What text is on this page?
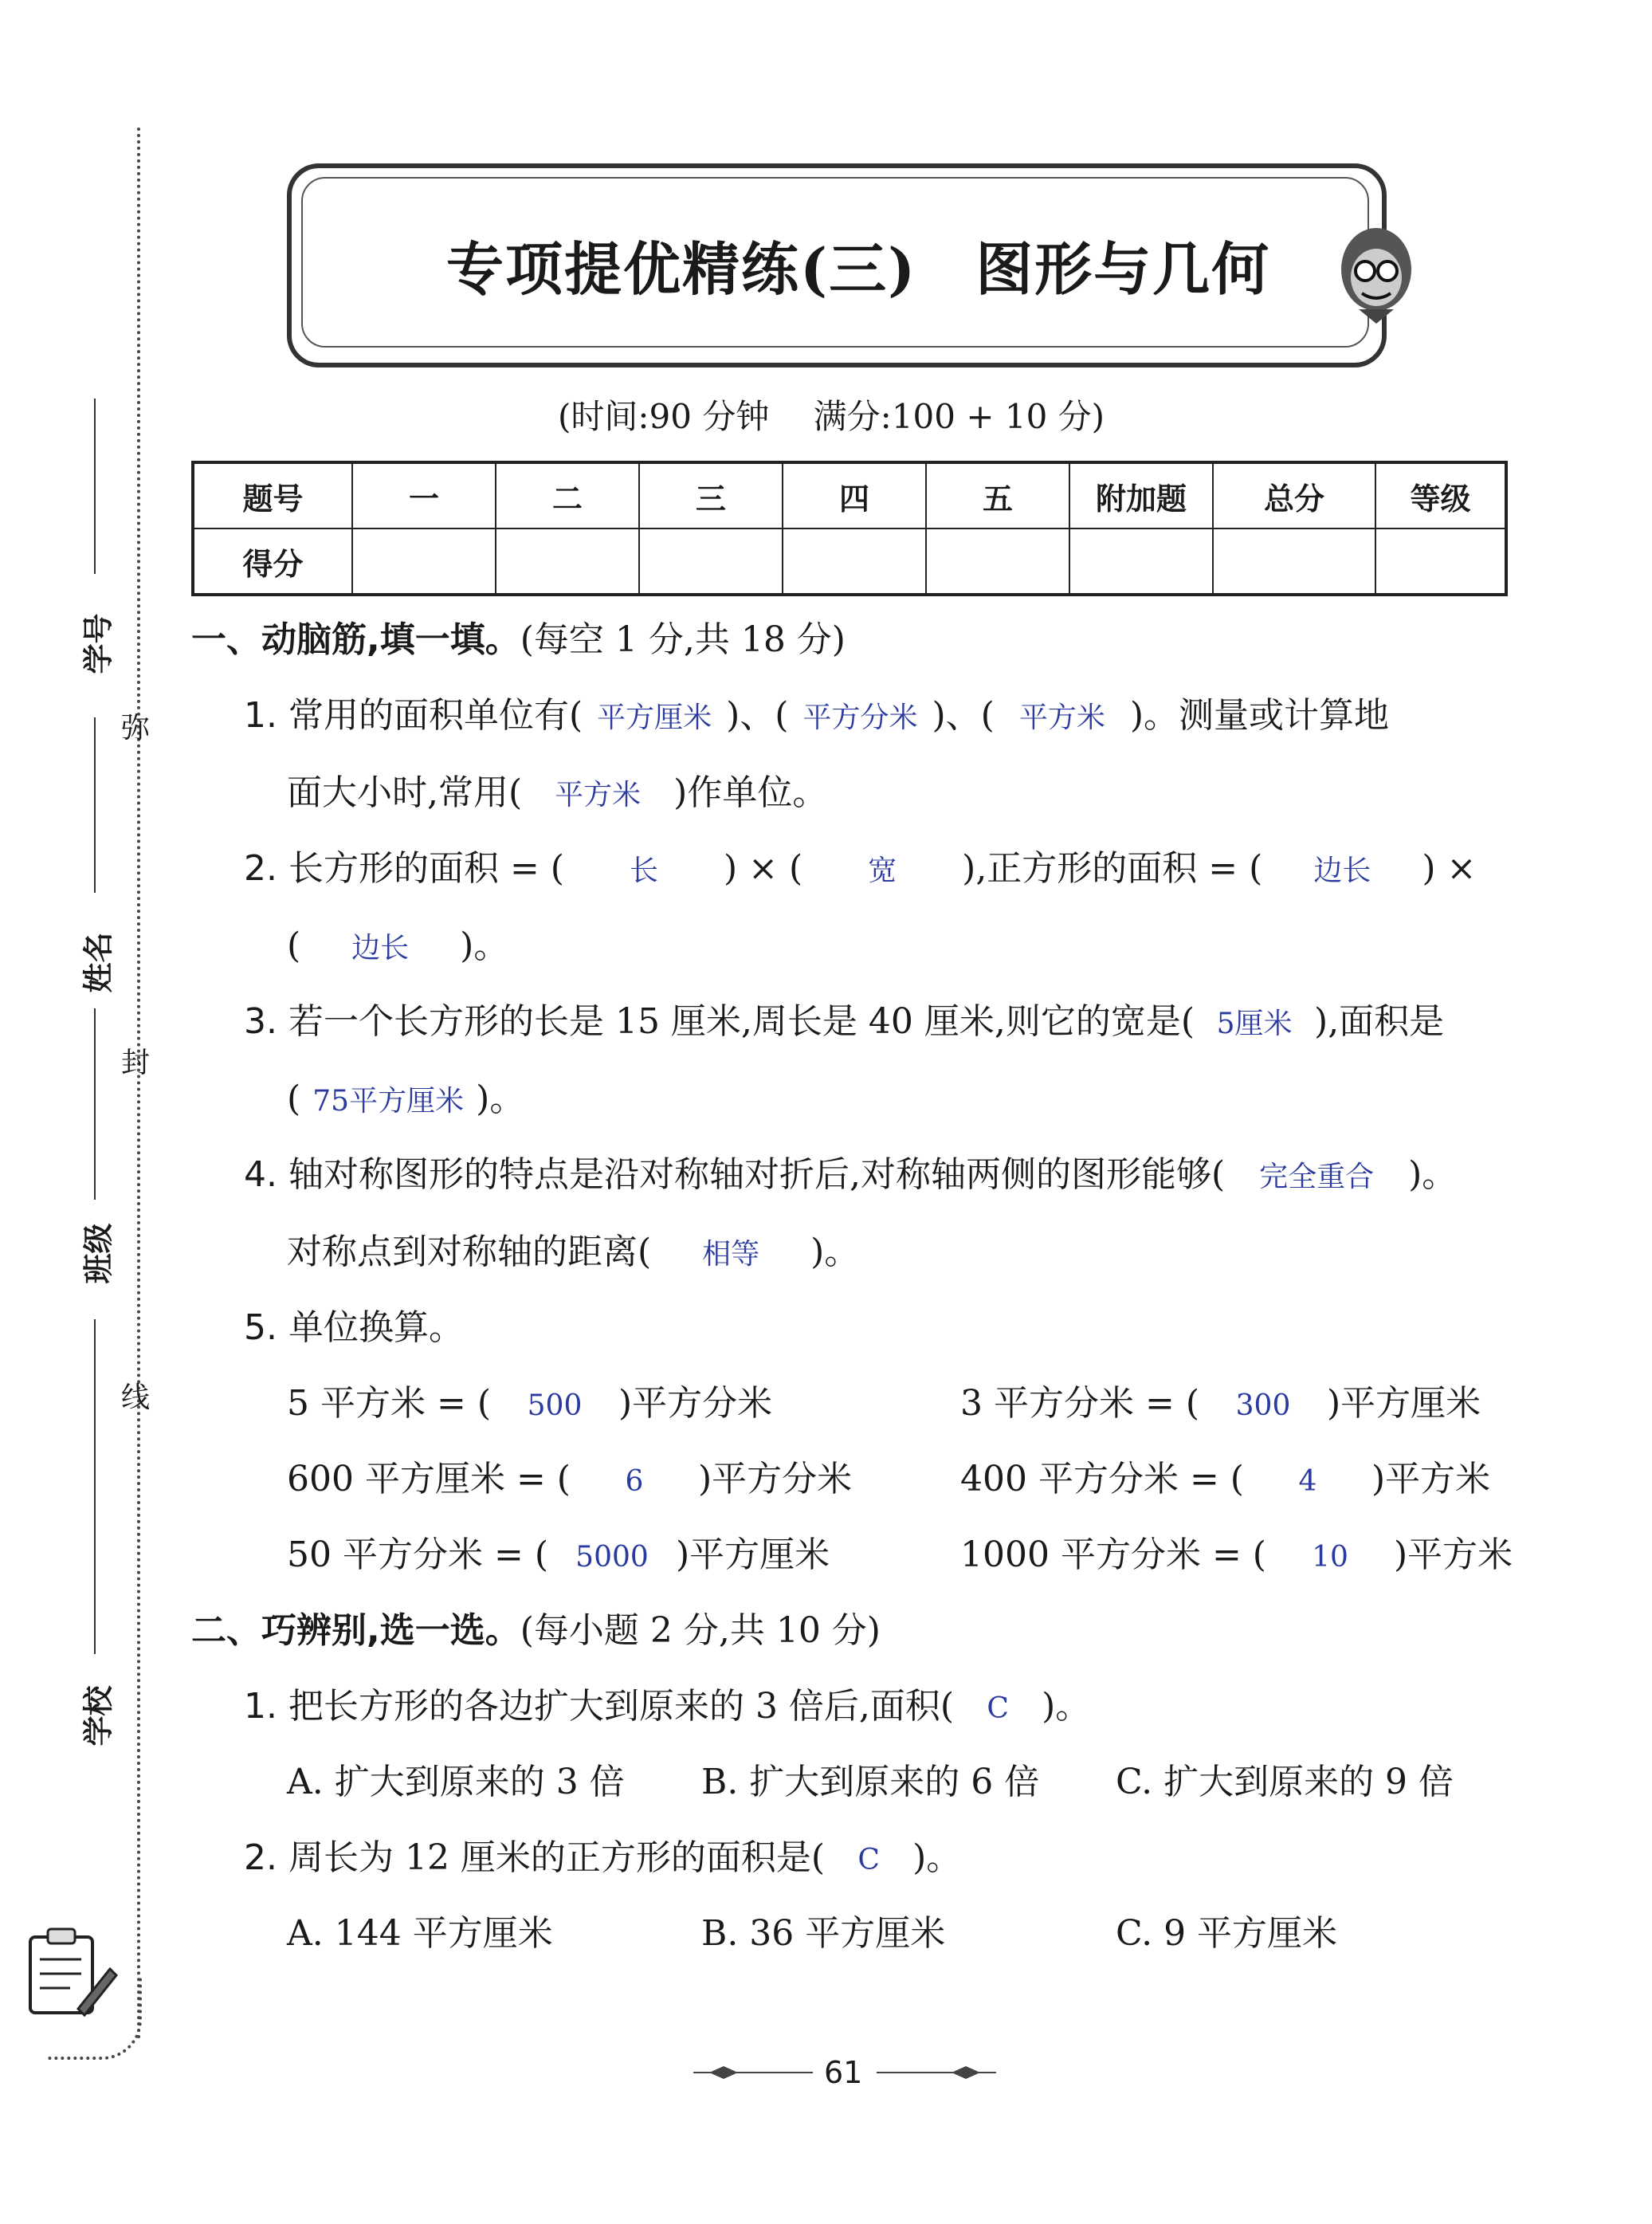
学号
姓名
班级
学校
弥
封
线
专项提优精练(三)　图形与几何
(时间:90 分钟　 满分:100 + 10 分)
题号	一	二	三	四	五	附加题	总分	等级
得分								
一、动脑筋,填一填。(每空 1 分,共 18 分)
1. 常用的面积单位有( 平方厘米 )、( 平方分米 )、( 平方米 )。测量或计算地
面大小时,常用( 平方米 )作单位。
2. 长方形的面积 = ( 长 ) × ( 宽 ),正方形的面积 = ( 边长 ) ×
( 边长 )。
3. 若一个长方形的长是 15 厘米,周长是 40 厘米,则它的宽是( 5厘米 ),面积是
( 75平方厘米 )。
4. 轴对称图形的特点是沿对称轴对折后,对称轴两侧的图形能够( 完全重合 )。
对称点到对称轴的距离( 相等 )。
5. 单位换算。
5 平方米 = ( 500 )平方分米	3 平方分米 = ( 300 )平方厘米
600 平方厘米 = ( 6 )平方分米	400 平方分米 = ( 4 )平方米
50 平方分米 = ( 5000 )平方厘米	1000 平方分米 = ( 10 )平方米
二、巧辨别,选一选。(每小题 2 分,共 10 分)
1. 把长方形的各边扩大到原来的 3 倍后,面积( C )。
A. 扩大到原来的 3 倍 B. 扩大到原来的 6 倍 C. 扩大到原来的 9 倍
2. 周长为 12 厘米的正方形的面积是( C )。
A. 144 平方厘米	B. 36 平方厘米	C. 9 平方厘米
61
